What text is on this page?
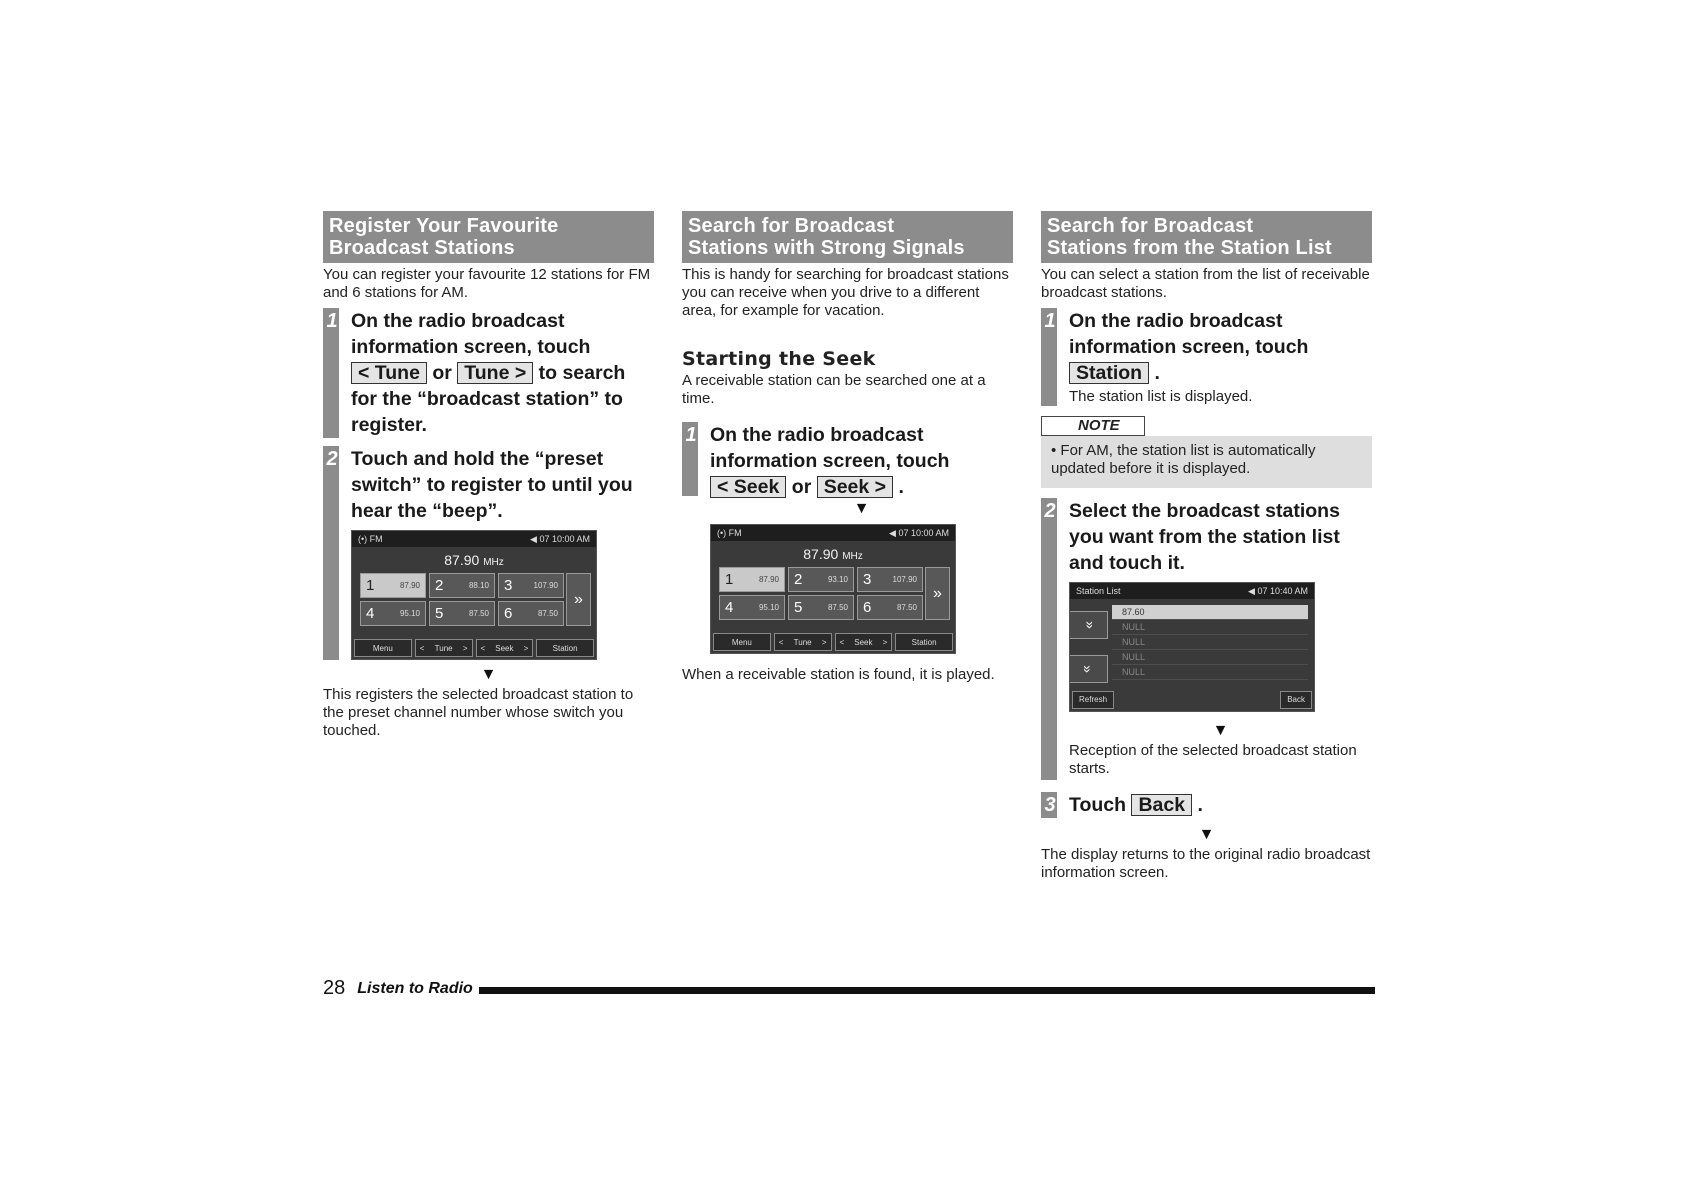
Register Your Favourite
Broadcast Stations

You can register your favourite 12 stations for FM and 6 stations for AM.

1 On the radio broadcast information screen, touch < Tune or Tune > to search for the “broadcast station” to register.
2 Touch and hold the “preset switch” to register to until you hear the “beep”.
(•) FM	◀ 07 10:00 AM
87.90 MHz
1	87.90 2	88.10 3	107.90
4	95.10 5	87.50 6	87.50
»
Menu	< Tune > < Seek >	Station
▼

This registers the selected broadcast station to the preset channel number whose switch you touched.

Search for Broadcast
Stations with Strong Signals

This is handy for searching for broadcast stations you can receive when you drive to a different area, for example for vacation.

Starting the Seek

A receivable station can be searched one at a time.

1 On the radio broadcast information screen, touch < Seek or Seek > .
▼
(•) FM	◀ 07 10:00 AM
87.90 MHz
1	87.90 2	93.10 3	107.90
4	95.10 5	87.50 6	87.50
»
Menu	< Tune > < Seek >	Station

When a receivable station is found, it is played.

Search for Broadcast
Stations from the Station List

You can select a station from the list of receivable broadcast stations.

1 On the radio broadcast information screen, touch Station .

The station list is displayed.

NOTE
• For AM, the station list is automatically updated before it is displayed.
2 Select the broadcast stations you want from the station list and touch it.
Station List	◀ 07 10:40 AM
«
»
87.60
NULL
NULL
NULL
NULL
Refresh	Back
▼

Reception of the selected broadcast station starts.

3 Touch Back .
▼

The display returns to the original radio broadcast information screen.

28 Listen to Radio
